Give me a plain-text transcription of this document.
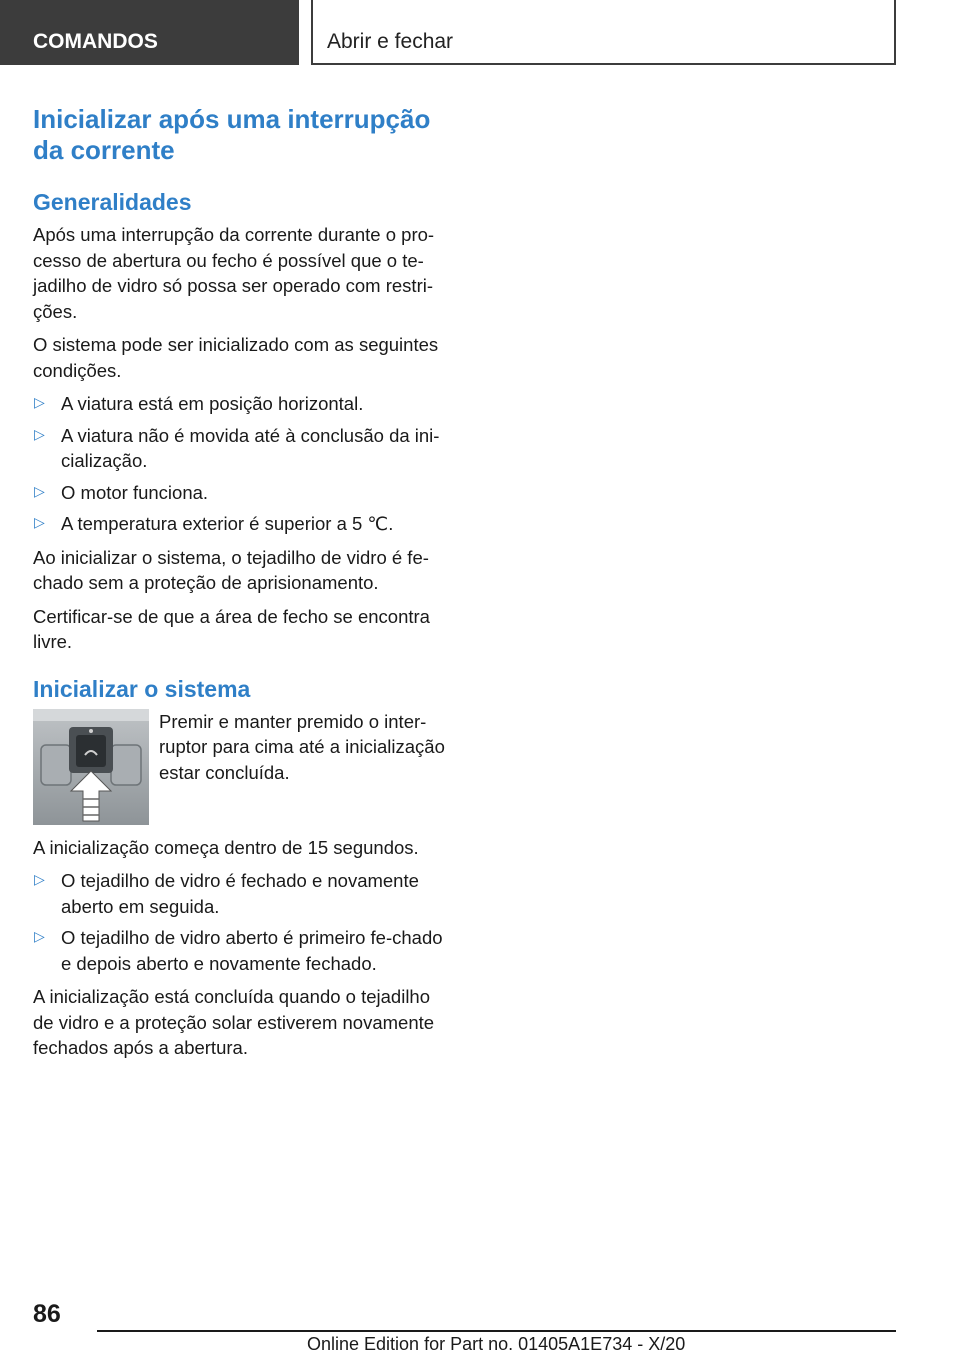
COMANDOS	Abrir e fechar
Inicializar após uma interrupção da corrente
Generalidades

Após uma interrupção da corrente durante o pro-cesso de abertura ou fecho é possível que o te-jadilho de vidro só possa ser operado com restri-ções.

O sistema pode ser inicializado com as seguintes condições.

▷ A viatura está em posição horizontal.
▷ A viatura não é movida até à conclusão da ini-cialização.
▷ O motor funciona.
▷ A temperatura exterior é superior a 5 ℃.

Ao inicializar o sistema, o tejadilho de vidro é fe-chado sem a proteção de aprisionamento.

Certificar-se de que a área de fecho se encontra livre.

Inicializar o sistema
Premir e manter premido o inter-ruptor para cima até a inicialização estar concluída.

A inicialização começa dentro de 15 segundos.

▷ O tejadilho de vidro é fechado e novamente aberto em seguida.
▷ O tejadilho de vidro aberto é primeiro fe-chado e depois aberto e novamente fechado.

A inicialização está concluída quando o tejadilho de vidro e a proteção solar estiverem novamente fechados após a abertura.

86
Online Edition for Part no. 01405A1E734 - X/20
